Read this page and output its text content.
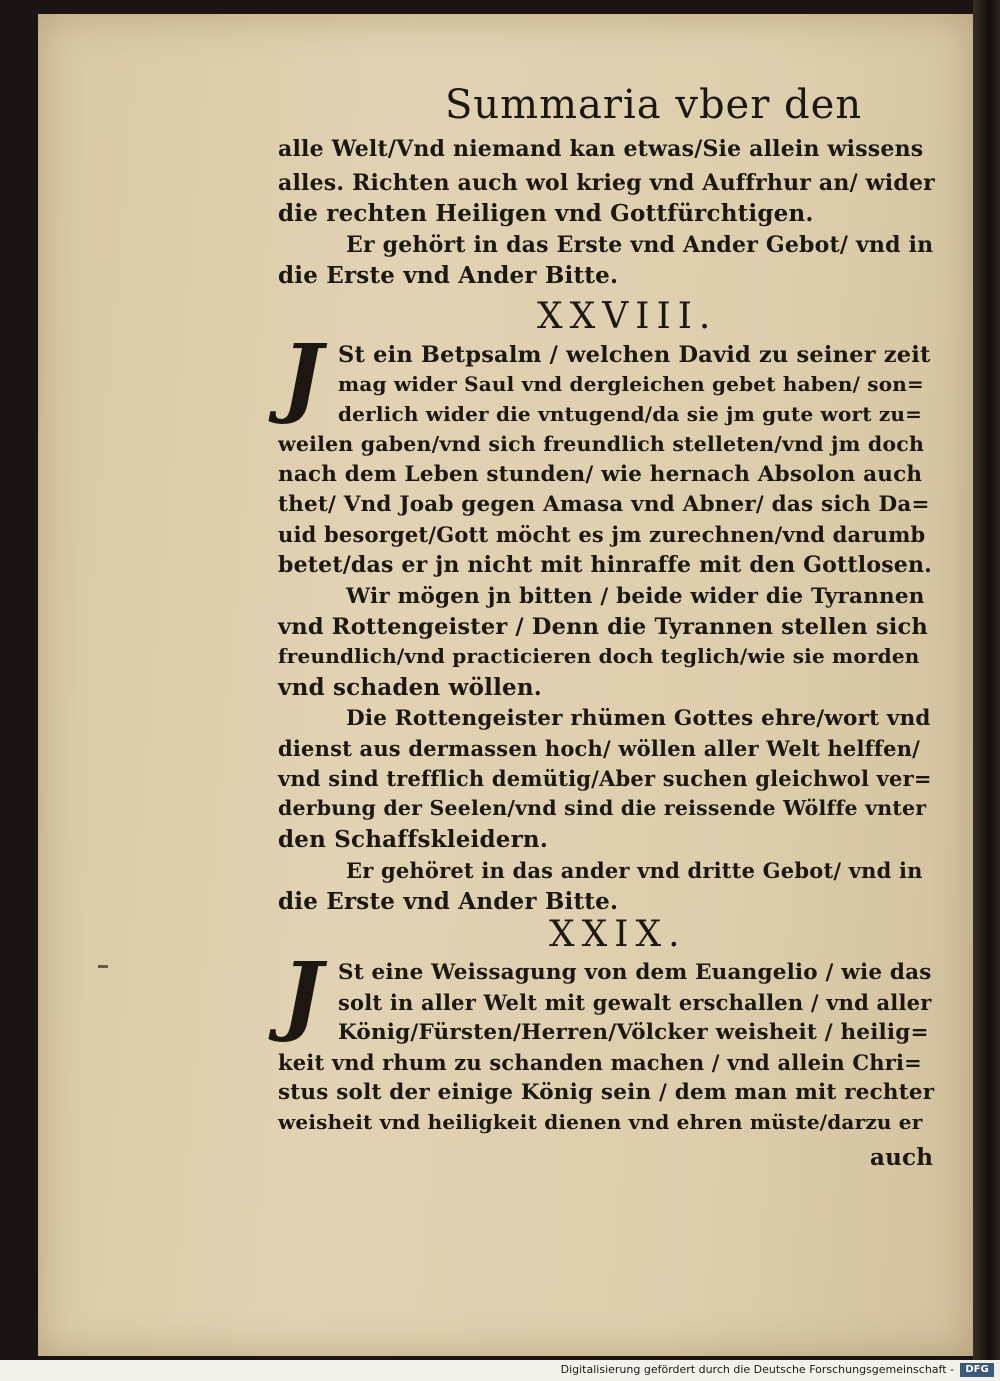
Summaria vber den
alle Welt/Vnd niemand kan etwas/Sie allein wissens
alles. Richten auch wol krieg vnd Auffrhur an/ wider
die rechten Heiligen vnd Gottfürchtigen.
Er gehört in das Erste vnd Ander Gebot/ vnd in
die Erste vnd Ander Bitte.
XXVIII.
J St ein Betpsalm / welchen David zu seiner zeit
mag wider Saul vnd dergleichen gebet haben/ son=
derlich wider die vntugend/da sie jm gute wort zu=
weilen gaben/vnd sich freundlich stelleten/vnd jm doch
nach dem Leben stunden/ wie hernach Absolon auch
thet/ Vnd Joab gegen Amasa vnd Abner/ das sich Da=
uid besorget/Gott möcht es jm zurechnen/vnd darumb
betet/das er jn nicht mit hinraffe mit den Gottlosen.
Wir mögen jn bitten / beide wider die Tyrannen
vnd Rottengeister / Denn die Tyrannen stellen sich
freundlich/vnd practicieren doch teglich/wie sie morden
vnd schaden wöllen.
Die Rottengeister rhümen Gottes ehre/wort vnd
dienst aus dermassen hoch/ wöllen aller Welt helffen/
vnd sind trefflich demütig/Aber suchen gleichwol ver=
derbung der Seelen/vnd sind die reissende Wölffe vnter
den Schaffskleidern.
Er gehöret in das ander vnd dritte Gebot/ vnd in
die Erste vnd Ander Bitte.
XXIX.
J St eine Weissagung von dem Euangelio / wie das
solt in aller Welt mit gewalt erschallen / vnd aller
König/Fürsten/Herren/Völcker weisheit / heilig=
keit vnd rhum zu schanden machen / vnd allein Chri=
stus solt der einige König sein / dem man mit rechter
weisheit vnd heiligkeit dienen vnd ehren müste/darzu er
auch
Digitalisierung gefördert durch die Deutsche Forschungsgemeinschaft -	DFG
